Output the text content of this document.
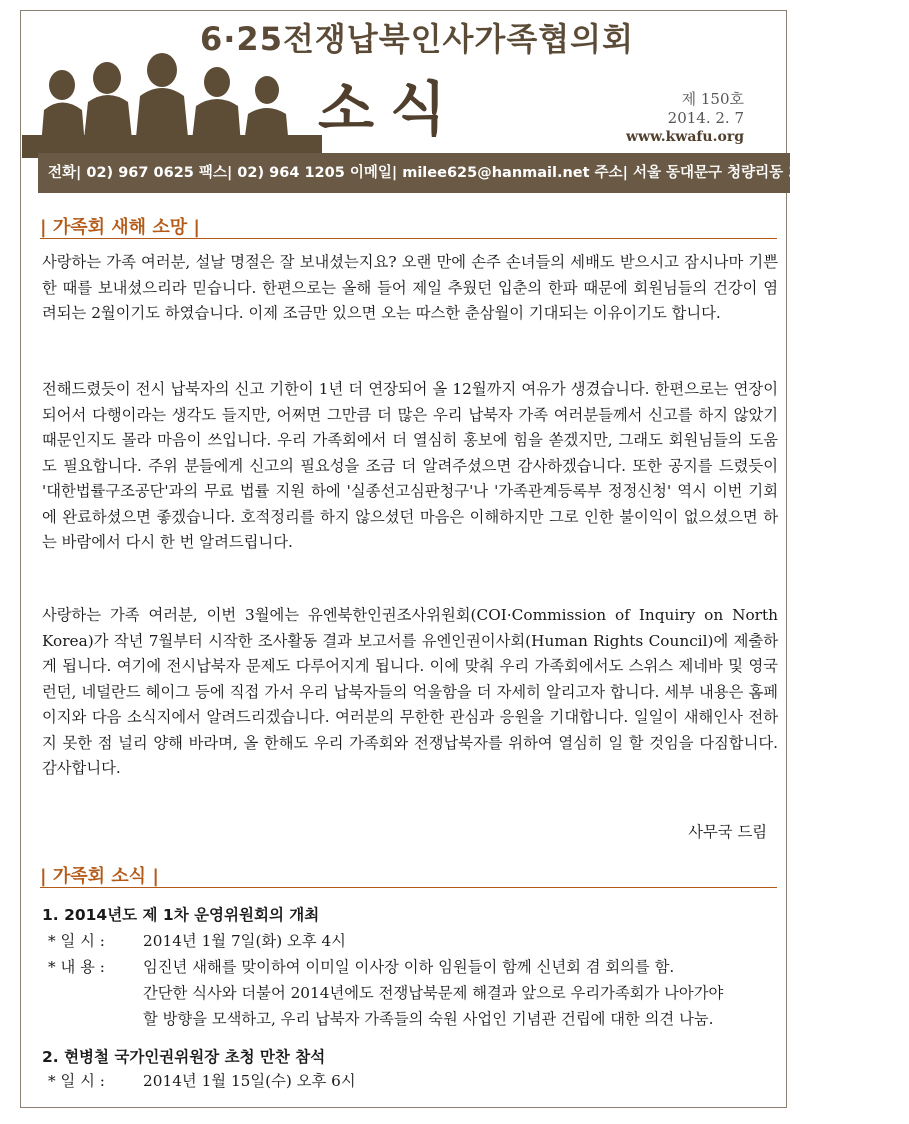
6·25전쟁납북인사가족협의회
소식	제 150호
2014. 2. 7
www.kwafu.org
전화| 02) 967 0625 팩스| 02) 964 1205 이메일| milee625@hanmail.net 주소| 서울 동대문구 청량리동 317 성일빌딩 2층
| 가족회 새해 소망 |
사랑하는 가족 여러분, 설날 명절은 잘 보내셨는지요? 오랜 만에 손주 손녀들의 세배도 받으시고 잠시나마 기쁜 한 때를 보내셨으리라 믿습니다. 한편으로는 올해 들어 제일 추웠던 입춘의 한파 때문에 회원님들의 건강이 염려되는 2월이기도 하였습니다. 이제 조금만 있으면 오는 따스한 춘삼월이 기대되는 이유이기도 합니다.
전해드렸듯이 전시 납북자의 신고 기한이 1년 더 연장되어 올 12월까지 여유가 생겼습니다. 한편으로는 연장이 되어서 다행이라는 생각도 들지만, 어쩌면 그만큼 더 많은 우리 납북자 가족 여러분들께서 신고를 하지 않았기 때문인지도 몰라 마음이 쓰입니다. 우리 가족회에서 더 열심히 홍보에 힘을 쏟겠지만, 그래도 회원님들의 도움도 필요합니다. 주위 분들에게 신고의 필요성을 조금 더 알려주셨으면 감사하겠습니다. 또한 공지를 드렸듯이 '대한법률구조공단'과의 무료 법률 지원 하에 '실종선고심판청구'나 '가족관계등록부 정정신청' 역시 이번 기회에 완료하셨으면 좋겠습니다. 호적정리를 하지 않으셨던 마음은 이해하지만 그로 인한 불이익이 없으셨으면 하는 바람에서 다시 한 번 알려드립니다.
사랑하는 가족 여러분, 이번 3월에는 유엔북한인권조사위원회(COI·Commission of Inquiry on North Korea)가 작년 7월부터 시작한 조사활동 결과 보고서를 유엔인권이사회(Human Rights Council)에 제출하게 됩니다. 여기에 전시납북자 문제도 다루어지게 됩니다. 이에 맞춰 우리 가족회에서도 스위스 제네바 및 영국 런던, 네덜란드 헤이그 등에 직접 가서 우리 납북자들의 억울함을 더 자세히 알리고자 합니다. 세부 내용은 홈페이지와 다음 소식지에서 알려드리겠습니다. 여러분의 무한한 관심과 응원을 기대합니다. 일일이 새해인사 전하지 못한 점 널리 양해 바라며, 올 한해도 우리 가족회와 전쟁납북자를 위하여 열심히 일 할 것임을 다짐합니다. 감사합니다.
사무국 드림
| 가족회 소식 |
1. 2014년도 제 1차 운영위원회의 개최
* 일 시 : 2014년 1월 7일(화) 오후 4시
* 내 용 : 임진년 새해를 맞이하여 이미일 이사장 이하 임원들이 함께 신년회 겸 회의를 함.
간단한 식사와 더불어 2014년에도 전쟁납북문제 해결과 앞으로 우리가족회가 나아가야
할 방향을 모색하고, 우리 납북자 가족들의 숙원 사업인 기념관 건립에 대한 의견 나눔.
2. 현병철 국가인권위원장 초청 만찬 참석
* 일 시 : 2014년 1월 15일(수) 오후 6시
